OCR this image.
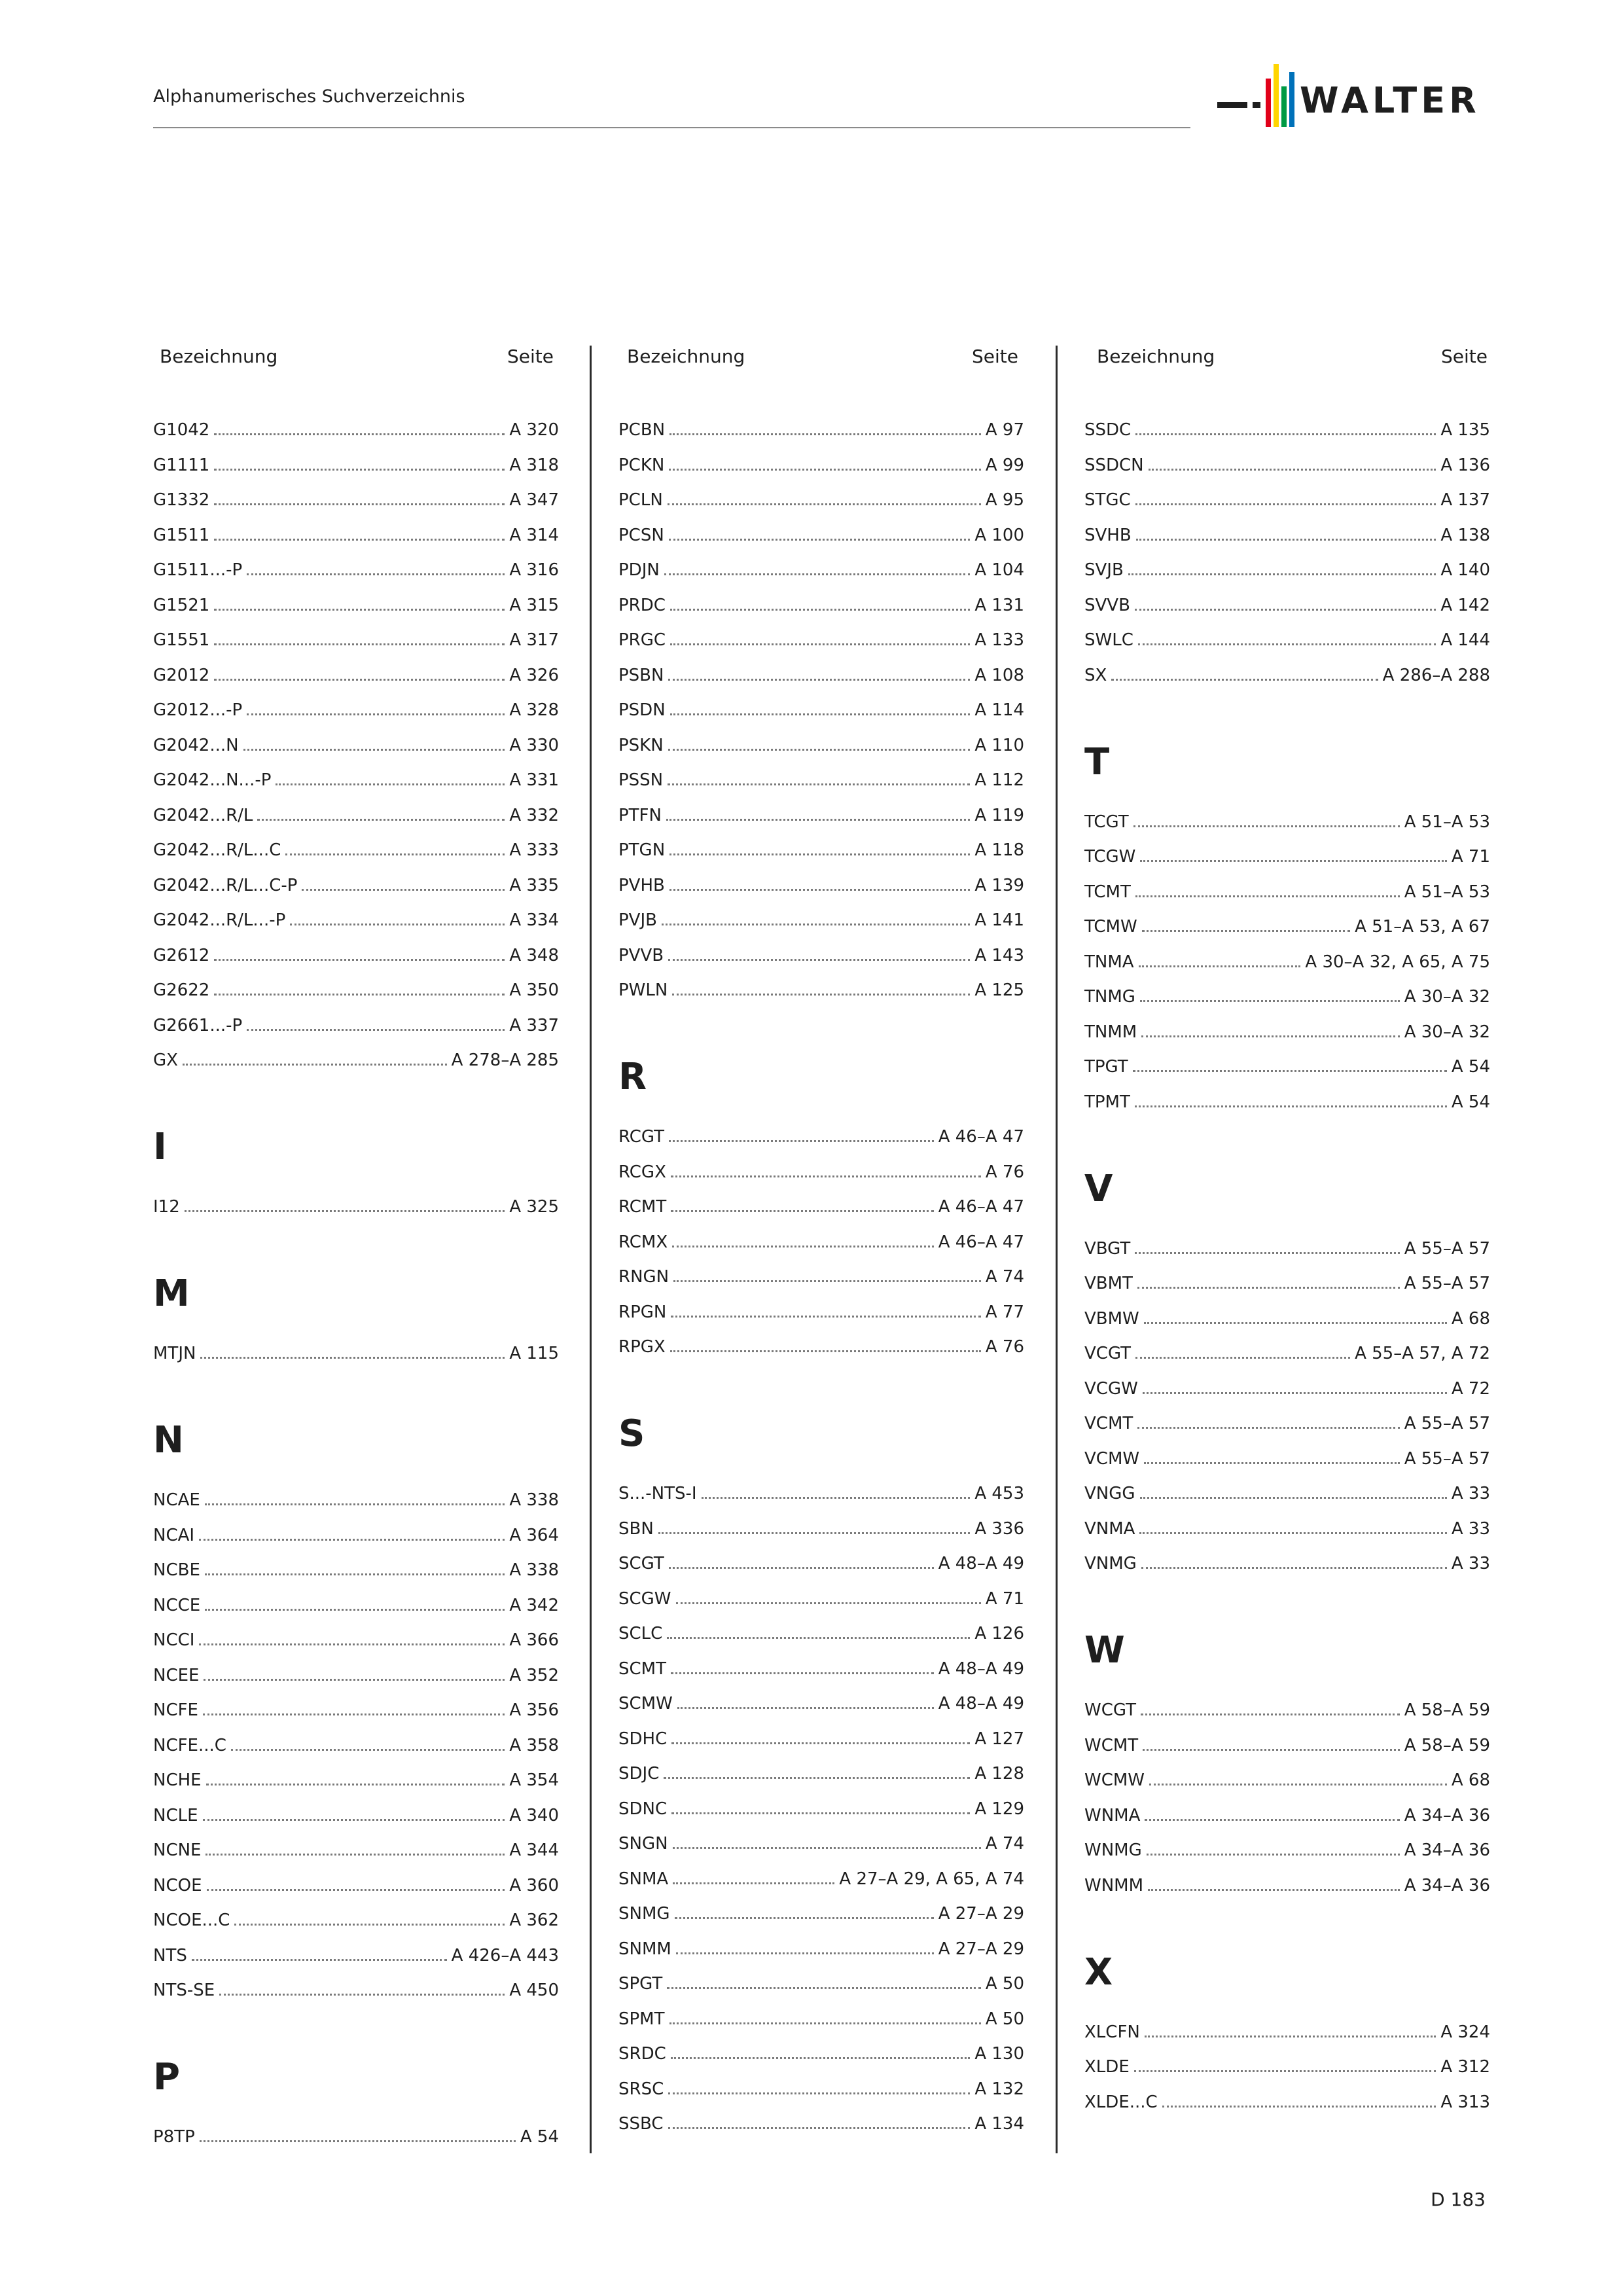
Alphanumerisches Suchverzeichnis	WALTER
Bezeichnung	Seite	Bezeichnung	Seite	Bezeichnung	Seite
G1042	A 320
G1111	A 318
G1332	A 347
G1511	A 314
G1511...-P	A 316
G1521	A 315
G1551	A 317
G2012	A 326
G2012...-P	A 328
G2042...N	A 330
G2042...N...-P	A 331
G2042...R/L	A 332
G2042...R/L...C	A 333
G2042...R/L...C-P	A 335
G2042...R/L...-P	A 334
G2612	A 348
G2622	A 350
G2661...-P	A 337
GX	A 278–A 285
I
I12	A 325
M
MTJN	A 115
N
NCAE	A 338
NCAI	A 364
NCBE	A 338
NCCE	A 342
NCCI	A 366
NCEE	A 352
NCFE	A 356
NCFE...C	A 358
NCHE	A 354
NCLE	A 340
NCNE	A 344
NCOE	A 360
NCOE...C	A 362
NTS	A 426–A 443
NTS-SE	A 450
P
P8TP	A 54
PCBN	A 97
PCKN	A 99
PCLN	A 95
PCSN	A 100
PDJN	A 104
PRDC	A 131
PRGC	A 133
PSBN	A 108
PSDN	A 114
PSKN	A 110
PSSN	A 112
PTFN	A 119
PTGN	A 118
PVHB	A 139
PVJB	A 141
PVVB	A 143
PWLN	A 125
R
RCGT	A 46–A 47
RCGX	A 76
RCMT	A 46–A 47
RCMX	A 46–A 47
RNGN	A 74
RPGN	A 77
RPGX	A 76
S
S...-NTS-I	A 453
SBN	A 336
SCGT	A 48–A 49
SCGW	A 71
SCLC	A 126
SCMT	A 48–A 49
SCMW	A 48–A 49
SDHC	A 127
SDJC	A 128
SDNC	A 129
SNGN	A 74
SNMA	A 27–A 29, A 65, A 74
SNMG	A 27–A 29
SNMM	A 27–A 29
SPGT	A 50
SPMT	A 50
SRDC	A 130
SRSC	A 132
SSBC	A 134
SSDC	A 135
SSDCN	A 136
STGC	A 137
SVHB	A 138
SVJB	A 140
SVVB	A 142
SWLC	A 144
SX	A 286–A 288
T
TCGT	A 51–A 53
TCGW	A 71
TCMT	A 51–A 53
TCMW	A 51–A 53, A 67
TNMA	A 30–A 32, A 65, A 75
TNMG	A 30–A 32
TNMM	A 30–A 32
TPGT	A 54
TPMT	A 54
V
VBGT	A 55–A 57
VBMT	A 55–A 57
VBMW	A 68
VCGT	A 55–A 57, A 72
VCGW	A 72
VCMT	A 55–A 57
VCMW	A 55–A 57
VNGG	A 33
VNMA	A 33
VNMG	A 33
W
WCGT	A 58–A 59
WCMT	A 58–A 59
WCMW	A 68
WNMA	A 34–A 36
WNMG	A 34–A 36
WNMM	A 34–A 36
X
XLCFN	A 324
XLDE	A 312
XLDE...C	A 313
D 183
